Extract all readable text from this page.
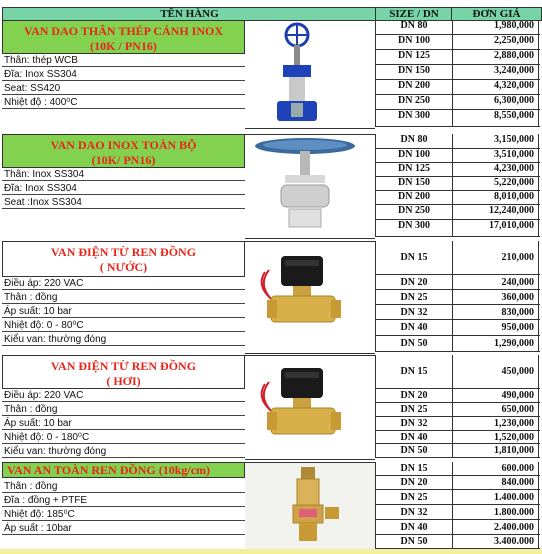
TÊN HÀNG	SIZE / DN	ĐƠN GIÁ
VAN DAO THÂN THÉP CÁNH INOX
(10K / PN16)
Thân: thép WCB
Đĩa: Inox SS304
Seat: SS420
Nhiệt độ : 400⁰C
DN 80	1,980,000
DN 100	2,250,000
DN 125	2,880,000
DN 150	3,240,000
DN 200	4,320,000
DN 250	6,300,000
DN 300	8,550,000
VAN DAO INOX TOÀN BỘ
(10K/ PN16)
Thân: Inox SS304
Đĩa: Inox SS304
Seat :Inox SS304
DN 80	3,150,000
DN 100	3,510,000
DN 125	4,230,000
DN 150	5,220,000
DN 200	8,010,000
DN 250	12,240,000
DN 300	17,010,000
VAN ĐIỆN TỪ REN ĐỒNG
( NƯỚC)
Điều áp: 220 VAC
Thân : đồng
Áp suất: 10 bar
Nhiệt độ: 0 - 80⁰C
Kiểu van: thường đóng
DN 15	210,000
DN 20	240,000
DN 25	360,000
DN 32	830,000
DN 40	950,000
DN 50	1,290,000
VAN ĐIỆN TỪ REN ĐỒNG
( HƠI)
Điều áp: 220 VAC
Thân : đồng
Áp suất: 10 bar
Nhiệt độ: 0 - 180⁰C
Kiểu van: thường đóng
DN 15	450,000
DN 20	490,000
DN 25	650,000
DN 32	1,230,000
DN 40	1,520,000
DN 50	1,810,000
VAN AN TOÀN REN ĐỒNG (10kg/cm)
Thân : đồng
Đĩa : đồng + PTFE
Nhiệt độ: 185⁰C
Áp suất : 10bar
DN 15	600.000
DN 20	840.000
DN 25	1.400.000
DN 32	1.800.000
DN 40	2.400.000
DN 50	3.400.000
